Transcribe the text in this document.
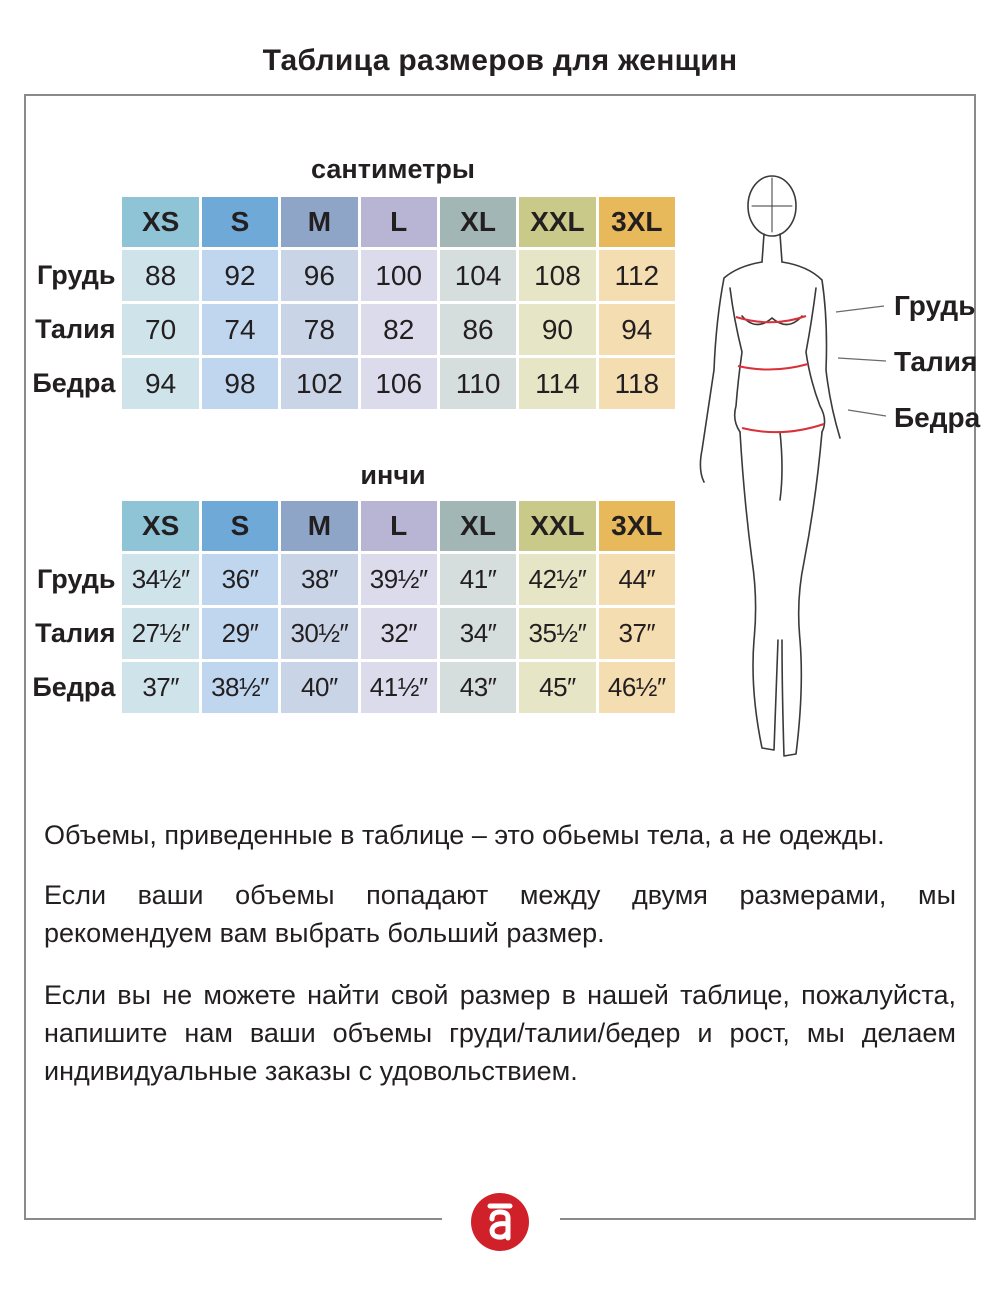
Таблица размеров для женщин
сантиметры
	XS	S	M	L	XL	XXL	3XL
Грудь	88	92	96	100	104	108	112
Талия	70	74	78	82	86	90	94
Бедра	94	98	102	106	110	114	118
инчи
	XS	S	M	L	XL	XXL	3XL
Грудь	34½″	36″	38″	39½″	41″	42½″	44″
Талия	27½″	29″	30½″	32″	34″	35½″	37″
Бедра	37″	38½″	40″	41½″	43″	45″	46½″
Грудь
Талия
Бедра

Объемы, приведенные в таблице – это обьемы тела, а не одежды.

Если ваши объемы попадают между двумя размерами, мы рекомендуем вам выбрать больший размер.

Если вы не можете найти свой размер в нашей таблице, пожалуйста, напишите нам ваши объемы груди/талии/бедер и рост, мы делаем индивидуальные заказы с удовольствием.
